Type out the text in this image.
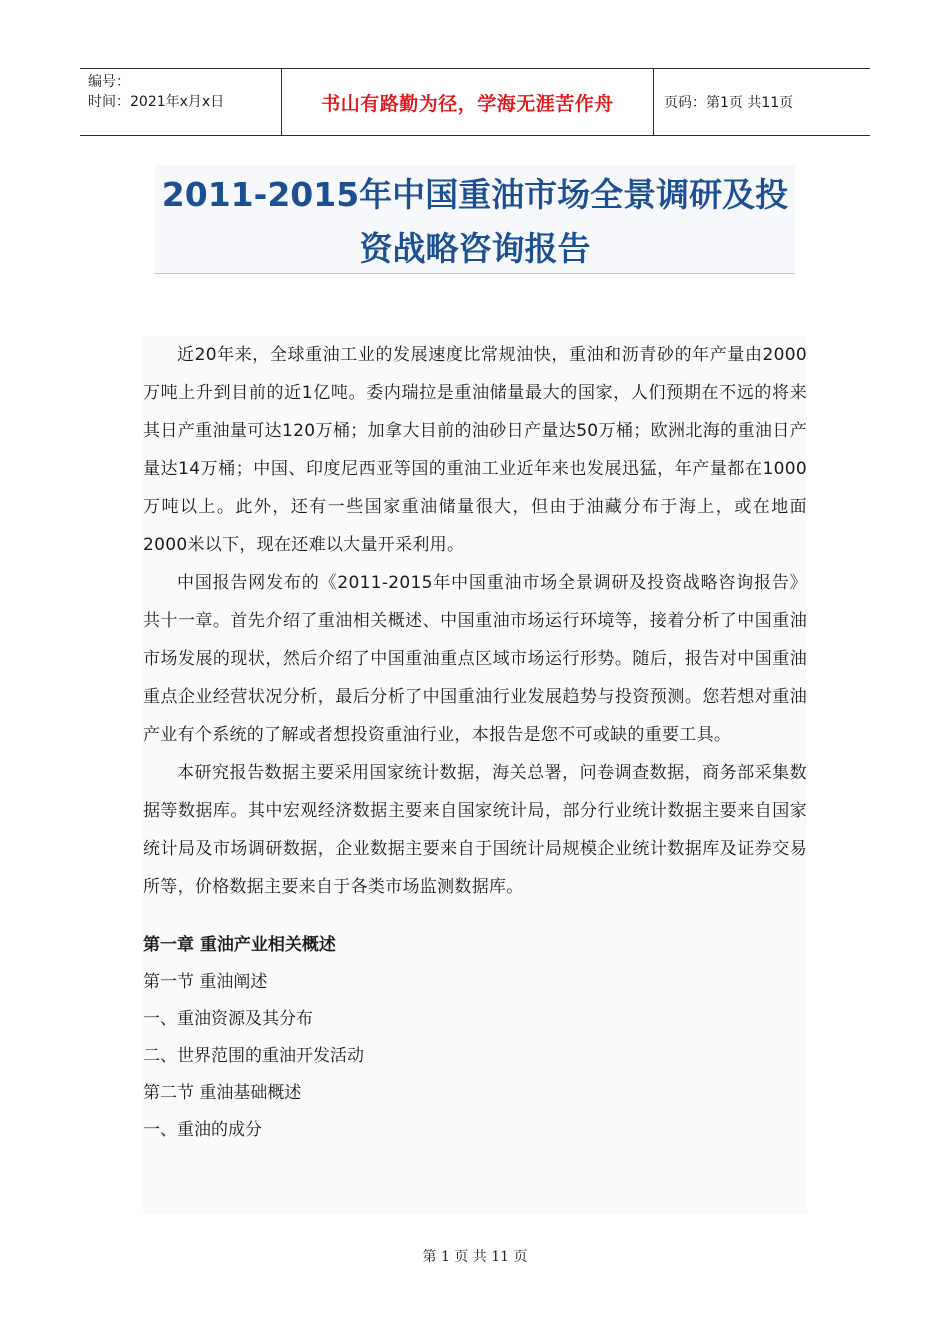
编号：
时间：2021年x月x日	书山有路勤为径，学海无涯苦作舟	页码：第1页 共11页
2011-2015年中国重油市场全景调研及投
资战略咨询报告

近20年来，全球重油工业的发展速度比常规油快，重油和沥青砂的年产量由2000万吨上升到目前的近1亿吨。委内瑞拉是重油储量最大的国家，人们预期在不远的将来其日产重油量可达120万桶；加拿大目前的油砂日产量达50万桶；欧洲北海的重油日产量达14万桶；中国、印度尼西亚等国的重油工业近年来也发展迅猛，年产量都在1000万吨以上。此外，还有一些国家重油储量很大，但由于油藏分布于海上，或在地面2000米以下，现在还难以大量开采利用。

中国报告网发布的《2011-2015年中国重油市场全景调研及投资战略咨询报告》共十一章。首先介绍了重油相关概述、中国重油市场运行环境等，接着分析了中国重油市场发展的现状，然后介绍了中国重油重点区域市场运行形势。随后，报告对中国重油重点企业经营状况分析，最后分析了中国重油行业发展趋势与投资预测。您若想对重油产业有个系统的了解或者想投资重油行业，本报告是您不可或缺的重要工具。

本研究报告数据主要采用国家统计数据，海关总署，问卷调查数据，商务部采集数据等数据库。其中宏观经济数据主要来自国家统计局，部分行业统计数据主要来自国家统计局及市场调研数据，企业数据主要来自于国统计局规模企业统计数据库及证券交易所等，价格数据主要来自于各类市场监测数据库。

第一章 重油产业相关概述

第一节 重油阐述

一、重油资源及其分布

二、世界范围的重油开发活动

第二节 重油基础概述

一、重油的成分

第 1 页 共 11 页
